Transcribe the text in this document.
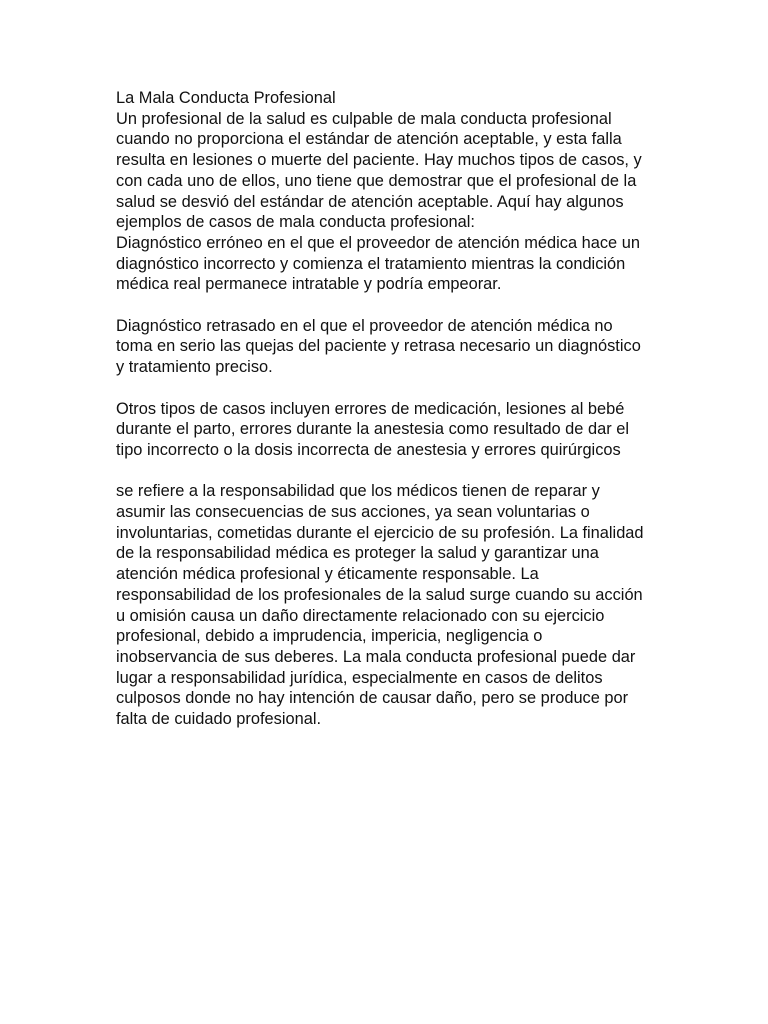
La Mala Conducta Profesional
Un profesional de la salud es culpable de mala conducta profesional
cuando no proporciona el estándar de atención aceptable, y esta falla
resulta en lesiones o muerte del paciente. Hay muchos tipos de casos, y
con cada uno de ellos, uno tiene que demostrar que el profesional de la
salud se desvió del estándar de atención aceptable. Aquí hay algunos
ejemplos de casos de mala conducta profesional:
Diagnóstico erróneo en el que el proveedor de atención médica hace un
diagnóstico incorrecto y comienza el tratamiento mientras la condición
médica real permanece intratable y podría empeorar.
Diagnóstico retrasado en el que el proveedor de atención médica no
toma en serio las quejas del paciente y retrasa necesario un diagnóstico
y tratamiento preciso.
Otros tipos de casos incluyen errores de medicación, lesiones al bebé
durante el parto, errores durante la anestesia como resultado de dar el
tipo incorrecto o la dosis incorrecta de anestesia y errores quirúrgicos
se refiere a la responsabilidad que los médicos tienen de reparar y
asumir las consecuencias de sus acciones, ya sean voluntarias o
involuntarias, cometidas durante el ejercicio de su profesión. La finalidad
de la responsabilidad médica es proteger la salud y garantizar una
atención médica profesional y éticamente responsable. La
responsabilidad de los profesionales de la salud surge cuando su acción
u omisión causa un daño directamente relacionado con su ejercicio
profesional, debido a imprudencia, impericia, negligencia o
inobservancia de sus deberes. La mala conducta profesional puede dar
lugar a responsabilidad jurídica, especialmente en casos de delitos
culposos donde no hay intención de causar daño, pero se produce por
falta de cuidado profesional.
